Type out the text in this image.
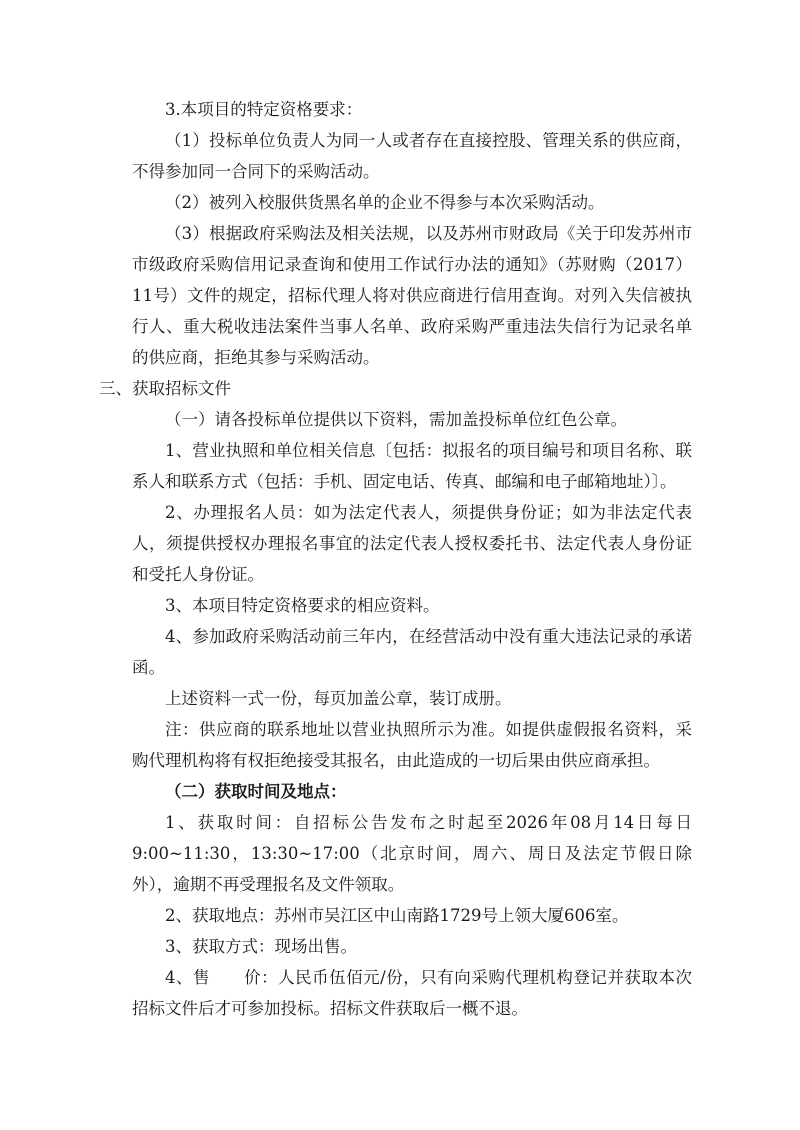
3.本项目的特定资格要求：

（1）投标单位负责人为同一人或者存在直接控股、管理关系的供应商，不得参加同一合同下的采购活动。

（2）被列入校服供货黑名单的企业不得参与本次采购活动。

（3）根据政府采购法及相关法规，以及苏州市财政局《关于印发苏州市市级政府采购信用记录查询和使用工作试行办法的通知》（苏财购（2017）11号）文件的规定，招标代理人将对供应商进行信用查询。对列入失信被执行人、重大税收违法案件当事人名单、政府采购严重违法失信行为记录名单的供应商，拒绝其参与采购活动。

三、获取招标文件

（一）请各投标单位提供以下资料，需加盖投标单位红色公章。

1、营业执照和单位相关信息〔包括：拟报名的项目编号和项目名称、联系人和联系方式（包括：手机、固定电话、传真、邮编和电子邮箱地址）〕。

2、办理报名人员：如为法定代表人，须提供身份证；如为非法定代表人，须提供授权办理报名事宜的法定代表人授权委托书、法定代表人身份证和受托人身份证。

3、本项目特定资格要求的相应资料。

4、参加政府采购活动前三年内，在经营活动中没有重大违法记录的承诺函。

上述资料一式一份，每页加盖公章，装订成册。

注：供应商的联系地址以营业执照所示为准。如提供虚假报名资料，采购代理机构将有权拒绝接受其报名，由此造成的一切后果由供应商承担。

（二）获取时间及地点：

1、获取时间：自招标公告发布之时起至2026年08月14日每日9:00~11:30，13:30~17:00（北京时间，周六、周日及法定节假日除外），逾期不再受理报名及文件领取。

2、获取地点：苏州市吴江区中山南路1729号上领大厦606室。

3、获取方式：现场出售。

4、售　　价：人民币伍佰元/份，只有向采购代理机构登记并获取本次招标文件后才可参加投标。招标文件获取后一概不退。
